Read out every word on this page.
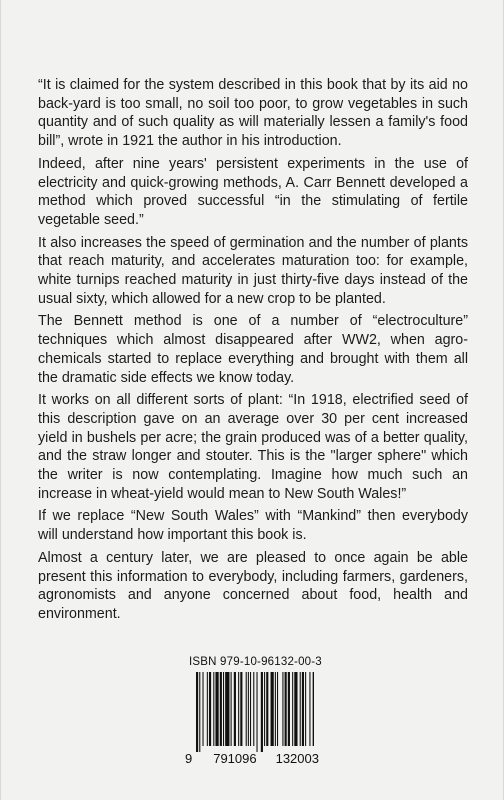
“It is claimed for the system described in this book that by its aid no back-yard is too small, no soil too poor, to grow vegetables in such quantity and of such quality as will materially lessen a family's food bill”, wrote in 1921 the author in his introduction.

Indeed, after nine years' persistent experiments in the use of electricity and quick-growing methods, A. Carr Bennett developed a method which proved successful “in the stimulating of fertile vegetable seed.”

It also increases the speed of germination and the number of plants that reach maturity, and accelerates maturation too: for example, white turnips reached maturity in just thirty-five days instead of the usual sixty, which allowed for a new crop to be planted.

The Bennett method is one of a number of “electroculture” techniques which almost disappeared after WW2, when agro-chemicals started to replace everything and brought with them all the dramatic side effects we know today.

It works on all different sorts of plant: “In 1918, electrified seed of this description gave on an average over 30 per cent increased yield in bushels per acre; the grain produced was of a better quality, and the straw longer and stouter. This is the "larger sphere" which the writer is now contemplating. Imagine how much such an increase in wheat-yield would mean to New South Wales!”

If we replace “New South Wales” with “Mankind” then everybody will understand how important this book is.

Almost a century later, we are pleased to once again be able present this information to everybody, including farmers, gardeners, agronomists and anyone concerned about food, health and environment.

ISBN 979-10-96132-00-3
9 791096 132003
